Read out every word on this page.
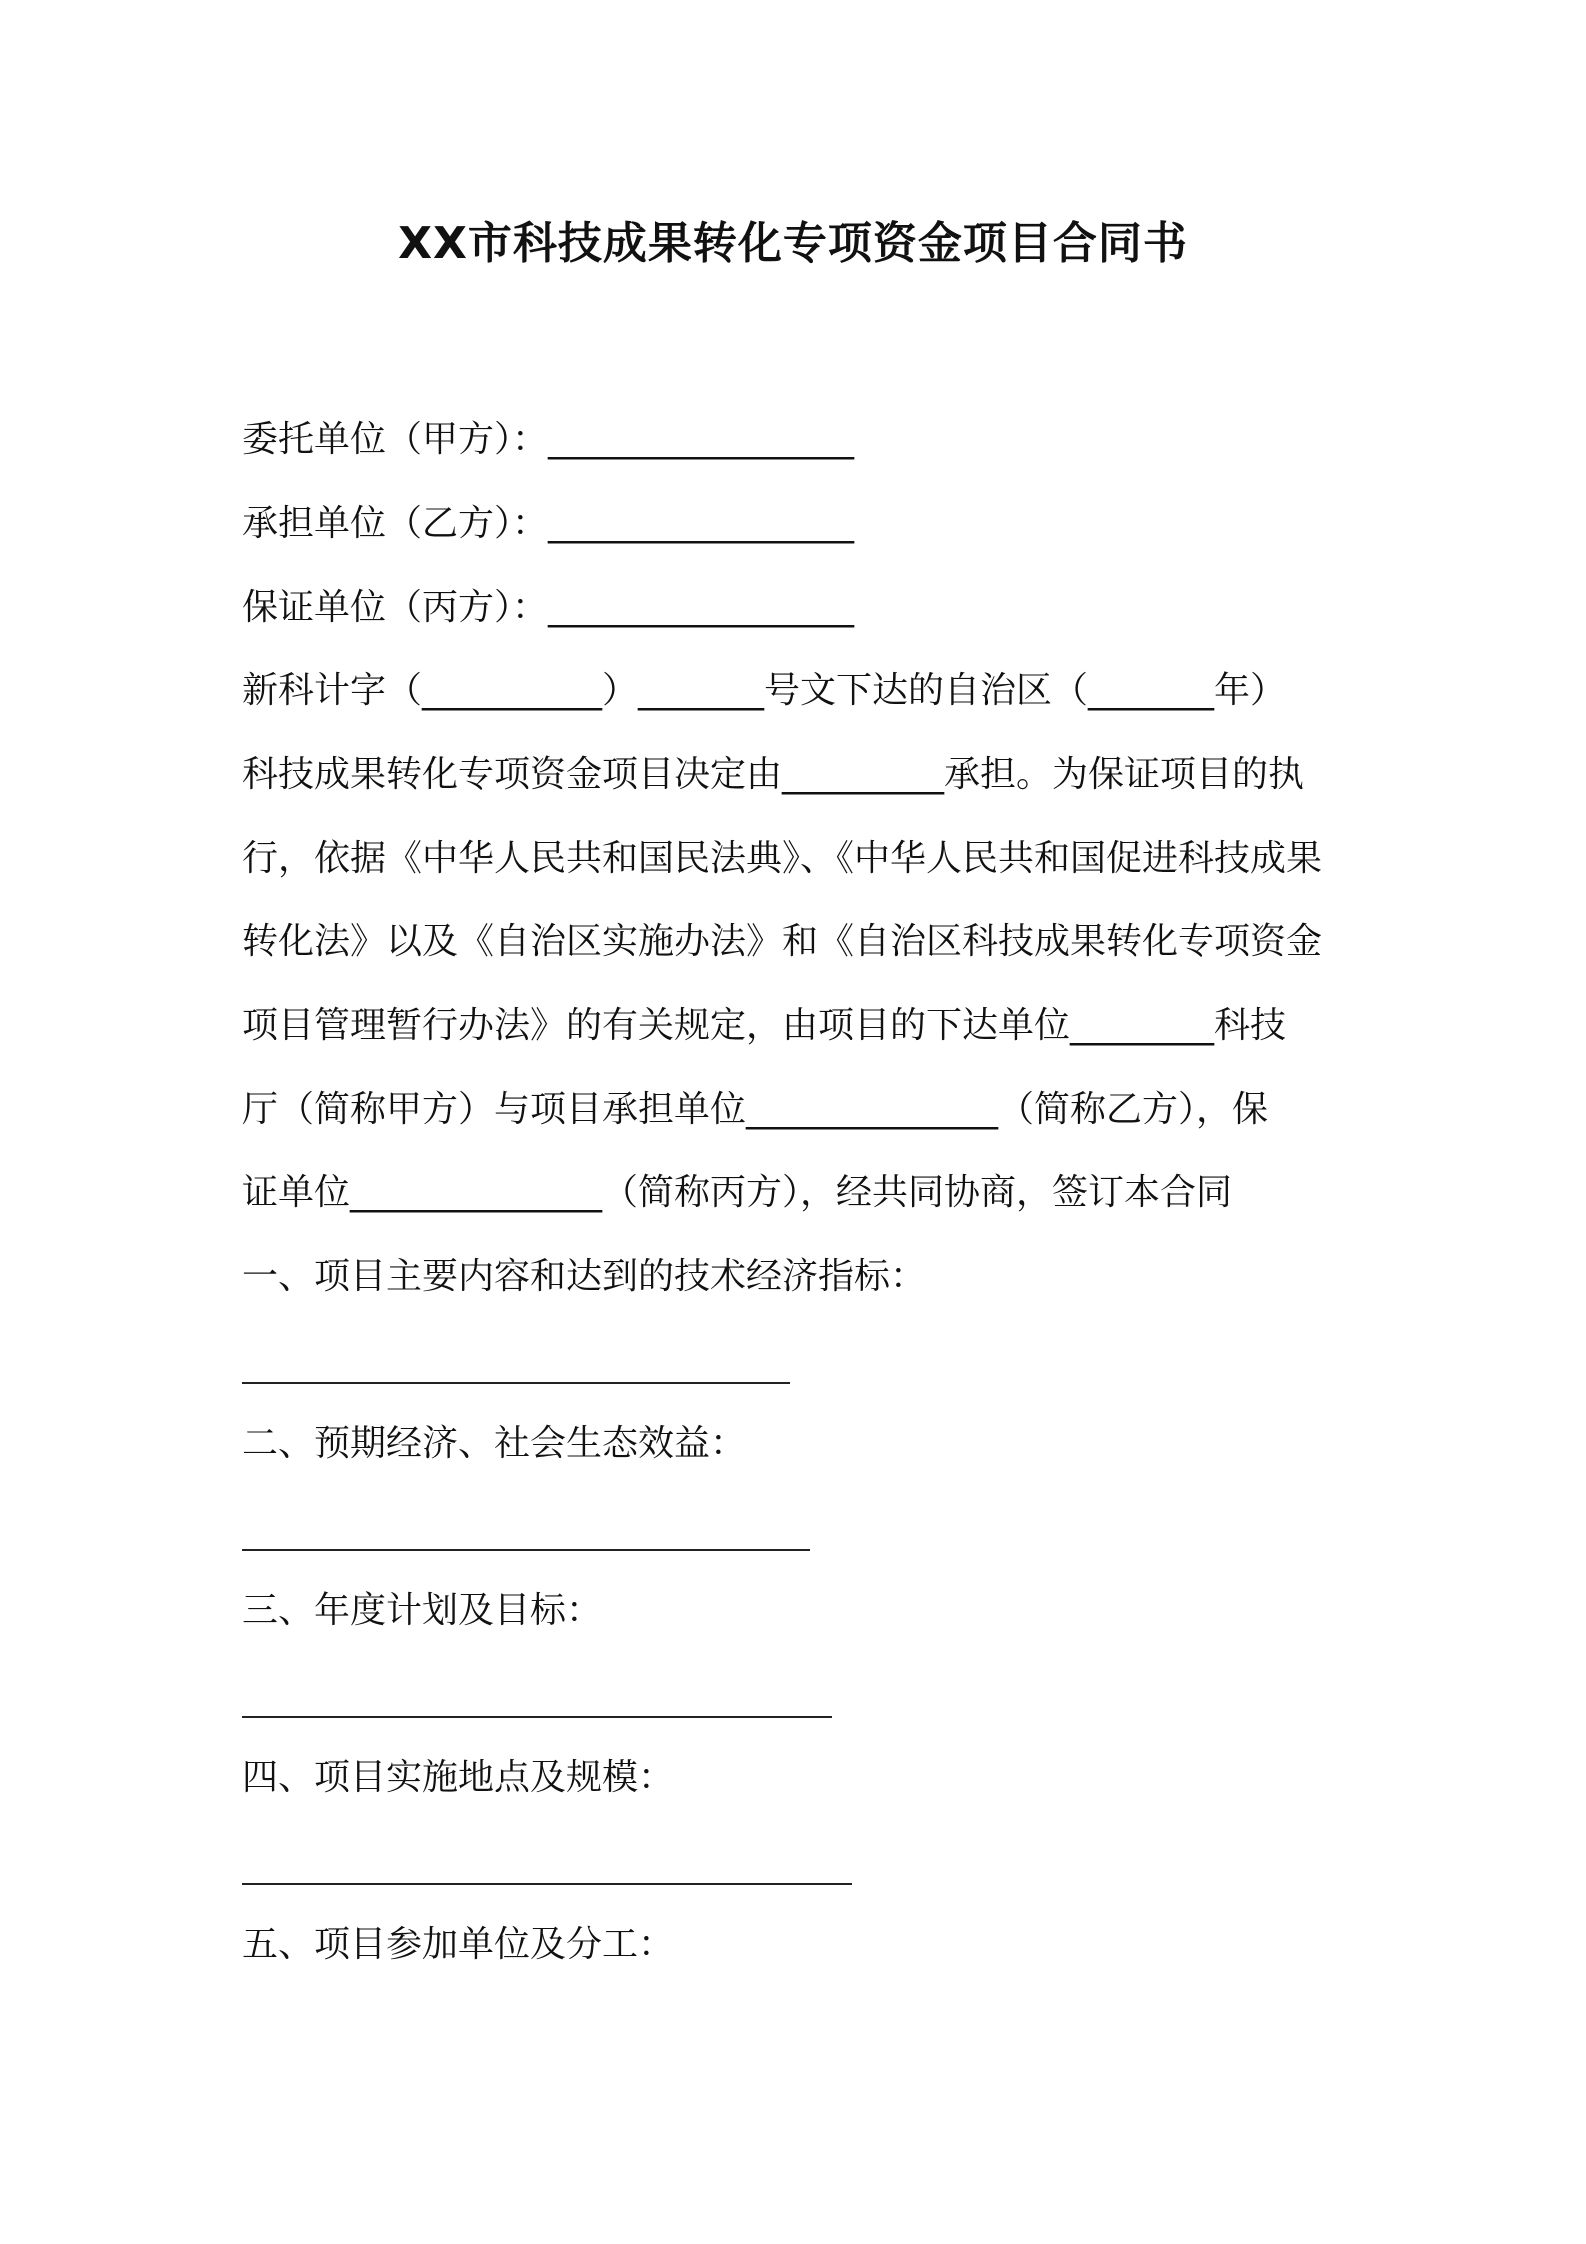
XX市科技成果转化专项资金项目合同书
委托单位（甲方）：_________________
承担单位（乙方）：_________________
保证单位（丙方）：_________________
新科计字（__________）_______号文下达的自治区（_______年）
科技成果转化专项资金项目决定由_________承担。为保证项目的执
行，依据《中华人民共和国民法典》、《中华人民共和国促进科技成果
转化法》以及《自治区实施办法》和《自治区科技成果转化专项资金
项目管理暂行办法》的有关规定，由项目的下达单位________科技
厅（简称甲方）与项目承担单位______________（简称乙方），保
证单位______________（简称丙方），经共同协商，签订本合同
一、项目主要内容和达到的技术经济指标：
二、预期经济、社会生态效益：
三、年度计划及目标：
四、项目实施地点及规模：
五、项目参加单位及分工：
